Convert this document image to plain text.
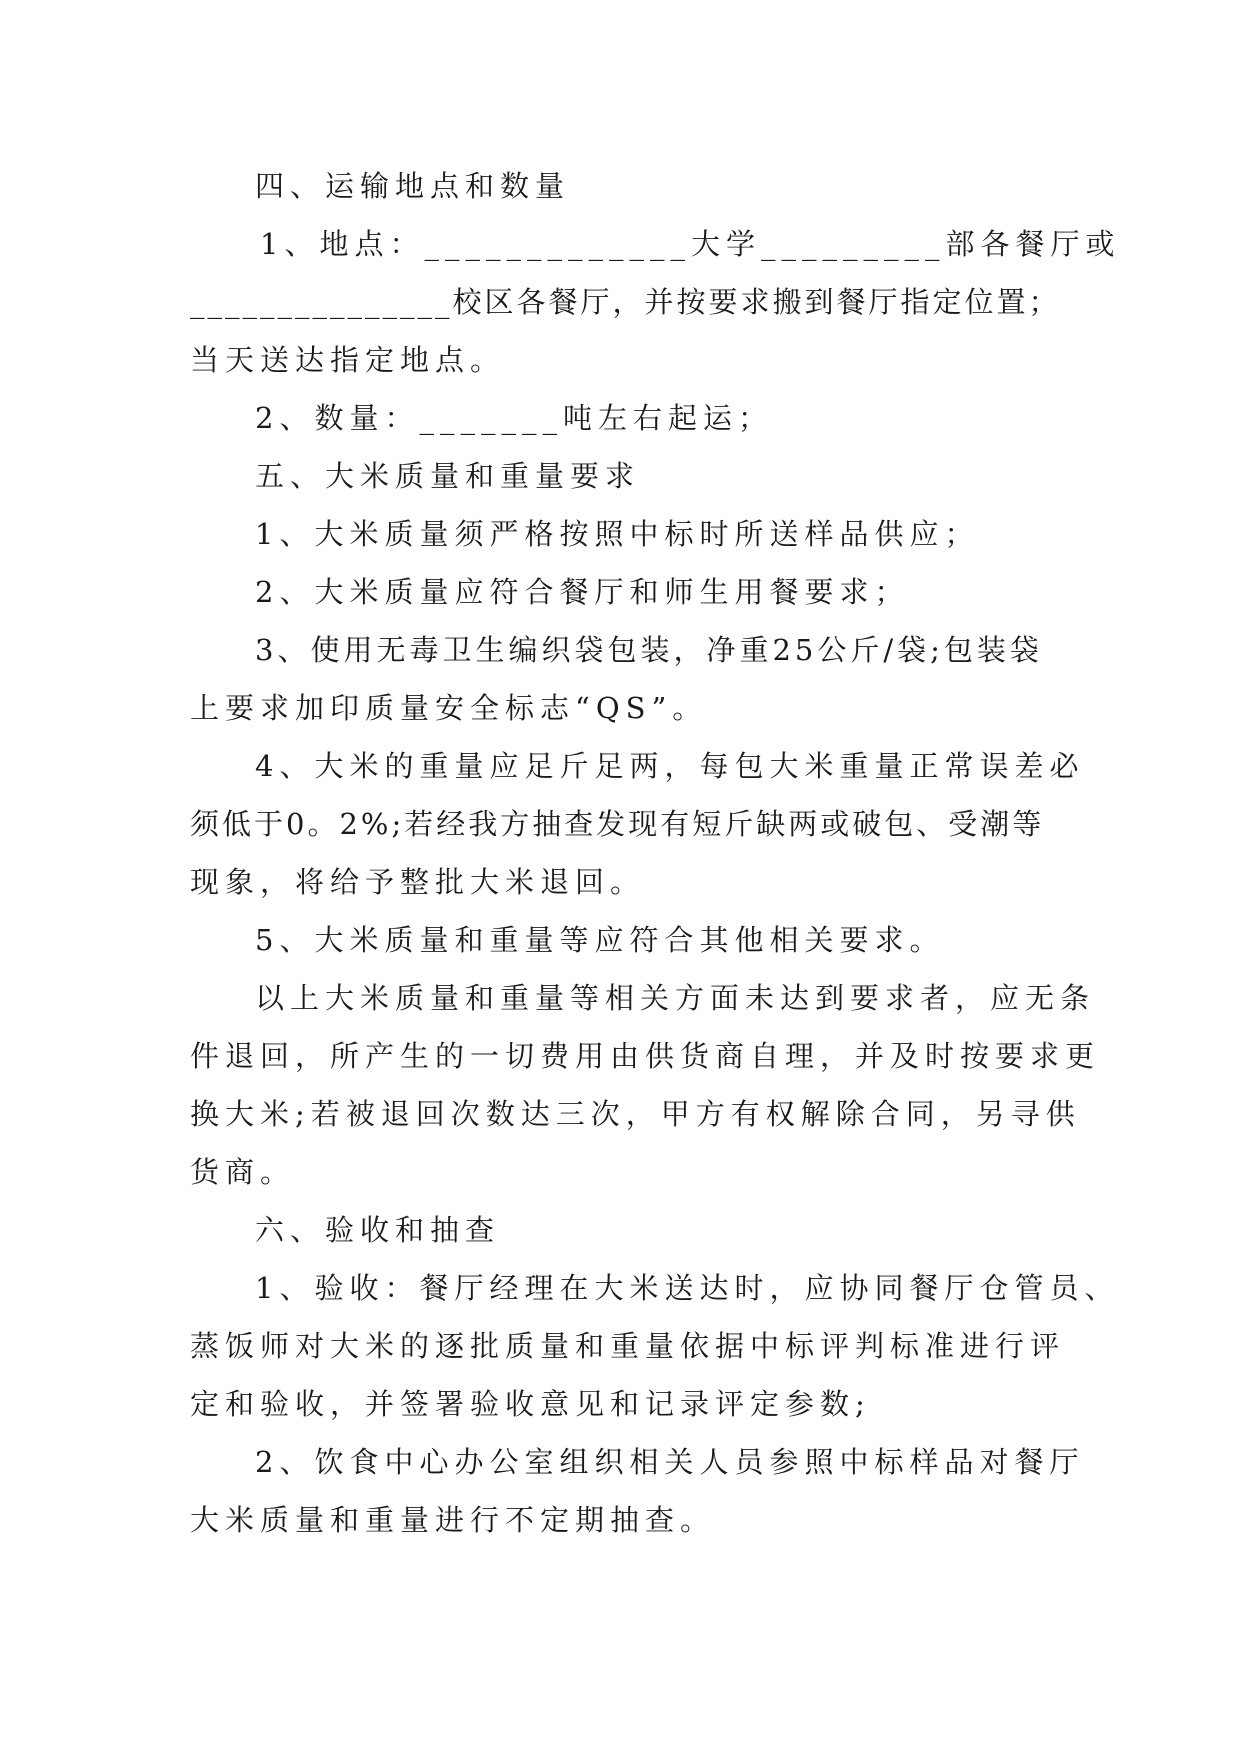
四、运输地点和数量
1、地点：_____________大学_________部各餐厅或
_______________校区各餐厅，并按要求搬到餐厅指定位置；
当天送达指定地点。
2、数量：_______吨左右起运；
五、大米质量和重量要求
1、大米质量须严格按照中标时所送样品供应；
2、大米质量应符合餐厅和师生用餐要求；
3、使用无毒卫生编织袋包装，净重25公斤/袋;包装袋
上要求加印质量安全标志“QS”。
4、大米的重量应足斤足两，每包大米重量正常误差必
须低于0。2%;若经我方抽查发现有短斤缺两或破包、受潮等
现象，将给予整批大米退回。
5、大米质量和重量等应符合其他相关要求。
以上大米质量和重量等相关方面未达到要求者，应无条
件退回，所产生的一切费用由供货商自理，并及时按要求更
换大米;若被退回次数达三次，甲方有权解除合同，另寻供
货商。
六、验收和抽查
1、验收：餐厅经理在大米送达时，应协同餐厅仓管员、
蒸饭师对大米的逐批质量和重量依据中标评判标准进行评
定和验收，并签署验收意见和记录评定参数;
2、饮食中心办公室组织相关人员参照中标样品对餐厅
大米质量和重量进行不定期抽查。
